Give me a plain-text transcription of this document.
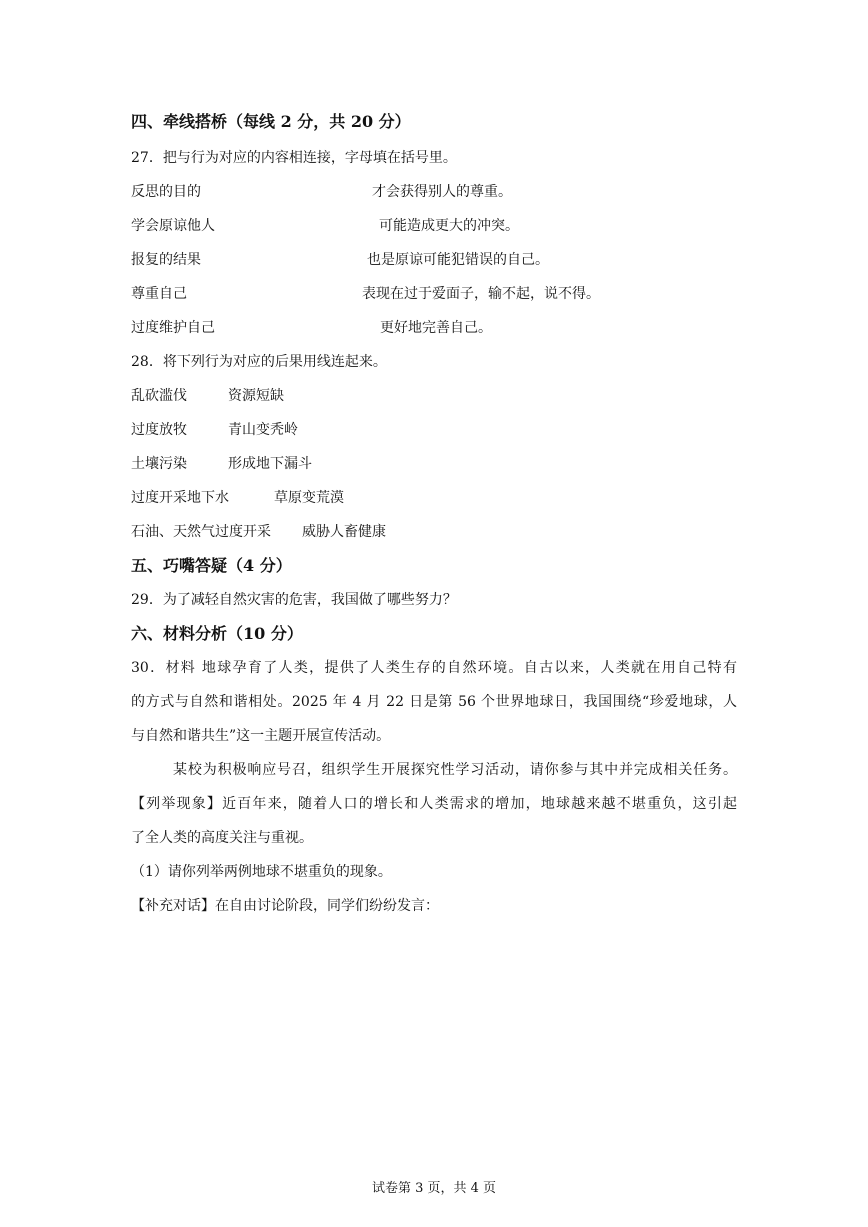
四、牵线搭桥（每线 2 分，共 20 分）
27．把与行为对应的内容相连接，字母填在括号里。
反思的目的	才会获得别人的尊重。
学会原谅他人	可能造成更大的冲突。
报复的结果	也是原谅可能犯错误的自己。
尊重自己	表现在过于爱面子，输不起，说不得。
过度维护自己	更好地完善自己。
28．将下列行为对应的后果用线连起来。
乱砍滥伐	资源短缺
过度放牧	青山变秃岭
土壤污染	形成地下漏斗
过度开采地下水	草原变荒漠
石油、天然气过度开采 威胁人畜健康
五、巧嘴答疑（4 分）
29．为了减轻自然灾害的危害，我国做了哪些努力？
六、材料分析（10 分）
30．材料 地球孕育了人类，提供了人类生存的自然环境。自古以来，人类就在用自己特有
的方式与自然和谐相处。2025 年 4 月 22 日是第 56 个世界地球日，我国围绕“珍爱地球，人
与自然和谐共生”这一主题开展宣传活动。
某校为积极响应号召，组织学生开展探究性学习活动，请你参与其中并完成相关任务。
【列举现象】近百年来，随着人口的增长和人类需求的增加，地球越来越不堪重负，这引起
了全人类的高度关注与重视。
（1）请你列举两例地球不堪重负的现象。
【补充对话】在自由讨论阶段，同学们纷纷发言：
试卷第 3 页，共 4 页
